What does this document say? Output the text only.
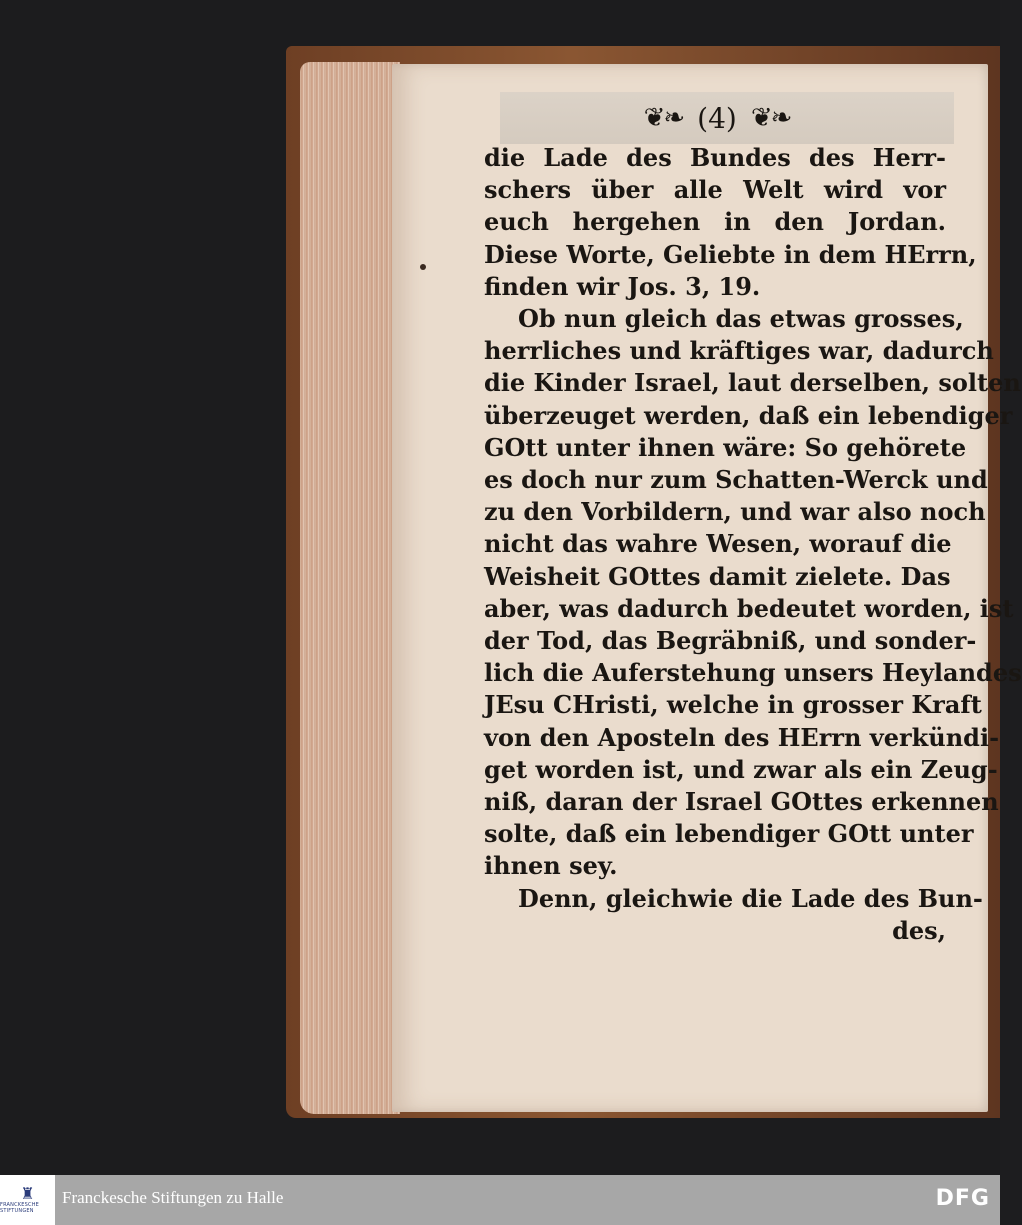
❦❧ (4) ❦❧
die Lade des Bundes des Herr-
schers über alle Welt wird vor
euch hergehen in den Jordan.
Diese Worte, Geliebte in dem HErrn,
finden wir Jos. 3, 19.
Ob nun gleich das etwas grosses,
herrliches und kräftiges war, dadurch
die Kinder Israel, laut derselben, solten
überzeuget werden, daß ein lebendiger
GOtt unter ihnen wäre: So gehörete
es doch nur zum Schatten-Werck und
zu den Vorbildern, und war also noch
nicht das wahre Wesen, worauf die
Weisheit GOttes damit zielete. Das
aber, was dadurch bedeutet worden, ist
der Tod, das Begräbniß, und sonder-
lich die Auferstehung unsers Heylandes
JEsu CHristi, welche in grosser Kraft
von den Aposteln des HErrn verkündi-
get worden ist, und zwar als ein Zeug-
niß, daran der Israel GOttes erkennen
solte, daß ein lebendiger GOtt unter
ihnen sey.
Denn, gleichwie die Lade des Bun-
des,
♜
FRANCKESCHE STIFTUNGEN
Franckesche Stiftungen zu Halle	DFG
